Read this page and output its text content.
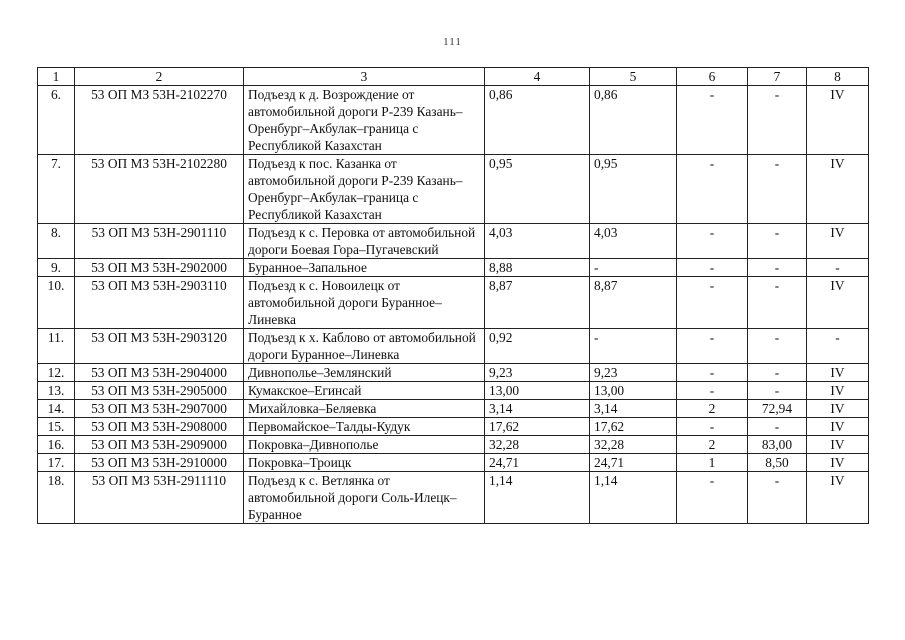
111
1	2	3	4	5	6	7	8
6.	53 ОП МЗ 53Н-2102270	Подъезд к д. Возрождение от автомобильной дороги Р-239 Казань–Оренбург–Акбулак–граница с Республикой Казахстан	0,86	0,86	-	-	IV
7.	53 ОП МЗ 53Н-2102280	Подъезд к пос. Казанка от автомобильной дороги Р-239 Казань–Оренбург–Акбулак–граница с Республикой Казахстан	0,95	0,95	-	-	IV
8.	53 ОП МЗ 53Н-2901110	Подъезд к с. Перовка от автомобильной дороги Боевая Гора–Пугачевский	4,03	4,03	-	-	IV
9.	53 ОП МЗ 53Н-2902000	Буранное–Запальное	8,88	-	-	-	-
10.	53 ОП МЗ 53Н-2903110	Подъезд к с. Новоилецк от автомобильной дороги Буранное–Линевка	8,87	8,87	-	-	IV
11.	53 ОП МЗ 53Н-2903120	Подъезд к х. Каблово от автомобильной дороги Буранное–Линевка	0,92	-	-	-	-
12.	53 ОП МЗ 53Н-2904000	Дивнополье–Землянский	9,23	9,23	-	-	IV
13.	53 ОП МЗ 53Н-2905000	Кумакское–Егинсай	13,00	13,00	-	-	IV
14.	53 ОП МЗ 53Н-2907000	Михайловка–Беляевка	3,14	3,14	2	72,94	IV
15.	53 ОП МЗ 53Н-2908000	Первомайское–Талды-Кудук	17,62	17,62	-	-	IV
16.	53 ОП МЗ 53Н-2909000	Покровка–Дивнополье	32,28	32,28	2	83,00	IV
17.	53 ОП МЗ 53Н-2910000	Покровка–Троицк	24,71	24,71	1	8,50	IV
18.	53 ОП МЗ 53Н-2911110	Подъезд к с. Ветлянка от автомобильной дороги Соль-Илецк–Буранное	1,14	1,14	-	-	IV
